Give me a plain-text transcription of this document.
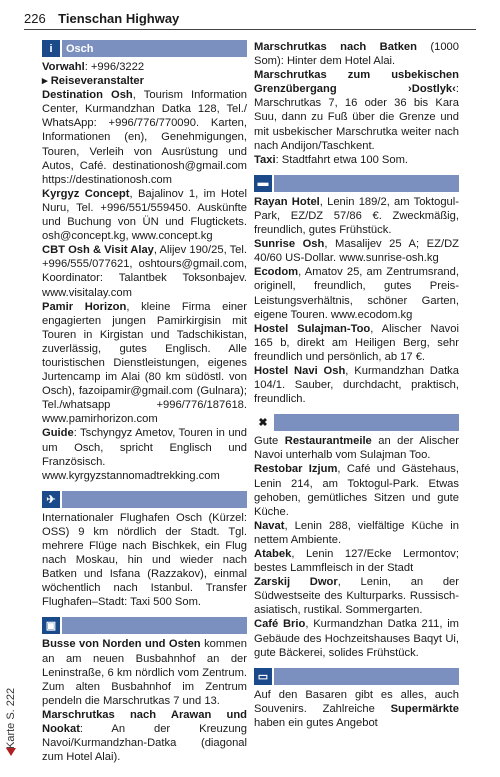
226 Tienschan Highway
Karte S. 222
i	Osch

Vorwahl: +996/3222

▸ Reiseveranstalter

Destination Osh, Tourism Information Center, Kurmandzhan Datka 128, Tel./ WhatsApp: +996/776/770090. Karten, Informationen (en), Genehmigungen, Touren, Verleih von Ausrüstung und Autos, Café. destinationosh@gmail.com https://destinationosh.com

Kyrgyz Concept, Bajalinov 1, im Hotel Nuru, Tel. +996/551/559450. Auskünfte und Buchung von ÜN und Flugtickets. osh@concept.kg, www.concept.kg

CBT Osh & Visit Alay, Alijev 190/25, Tel. +996/555/077621, oshtours@gmail.com, Koordinator: Talantbek Toksonbajev. www.visitalay.com

Pamir Horizon, kleine Firma einer engagierten jungen Pamirkirgisin mit Touren in Kirgistan und Tadschikistan, zuverlässig, gutes Englisch. Alle touristischen Dienstleistungen, eigenes Jurtencamp im Alai (80 km südöstl. von Osch), fazoipamir@gmail.com (Gulnara); Tel./whatsapp +996/776/187618. www.pamirhorizon.com

Guide: Tschyngyz Ametov, Touren in und um Osch, spricht Englisch und Französisch. www.kyrgyzstannomadtrekking.com

✈

Internationaler Flughafen Osch (Kürzel: OSS) 9 km nördlich der Stadt. Tgl. mehrere Flüge nach Bischkek, ein Flug nach Moskau, hin und wieder nach Batken und Isfana (Razzakov), einmal wöchentlich nach Istanbul. Transfer Flughafen–Stadt: Taxi 500 Som.

▣

Busse von Norden und Osten kommen an am neuen Busbahnhof an der Leninstraße, 6 km nördlich vom Zentrum. Zum alten Busbahnhof im Zentrum pendeln die Marschrutkas 7 und 13.

Marschrutkas nach Arawan und Nookat: An der Kreuzung Navoi/Kurmandzhan-Datka (diagonal zum Hotel Alai).

Marschrutkas nach Batken (1000 Som): Hinter dem Hotel Alai.

Marschrutkas zum usbekischen Grenzübergang ›Dostlyk‹: Marschrutkas 7, 16 oder 36 bis Kara Suu, dann zu Fuß über die Grenze und mit usbekischer Marschrutka weiter nach nach Andijon/Taschkent.

Taxi: Stadtfahrt etwa 100 Som.

▬

Rayan Hotel, Lenin 189/2, am Toktogul-Park, EZ/DZ 57/86 €. Zweckmäßig, freundlich, gutes Frühstück.

Sunrise Osh, Masalijev 25 A; EZ/DZ 40/60 US-Dollar. www.sunrise-osh.kg

Ecodom, Amatov 25, am Zentrumsrand, originell, freundlich, gutes Preis-Leistungsverhältnis, schöner Garten, eigene Touren. www.ecodom.kg

Hostel Sulajman-Too, Alischer Navoi 165 b, direkt am Heiligen Berg, sehr freundlich und persönlich, ab 17 €.

Hostel Navi Osh, Kurmandzhan Datka 104/1. Sauber, durchdacht, praktisch, freundlich.

✖

Gute Restaurantmeile an der Alischer Navoi unterhalb vom Sulajman Too.

Restobar Izjum, Café und Gästehaus, Lenin 214, am Toktogul-Park. Etwas gehoben, gemütliches Sitzen und gute Küche.

Navat, Lenin 288, vielfältige Küche in nettem Ambiente.

Atabek, Lenin 127/Ecke Lermontov; bestes Lammfleisch in der Stadt

Zarskij Dwor, Lenin, an der Südwestseite des Kulturparks. Russisch-asiatisch, rustikal. Sommergarten.

Café Brio, Kurmandzhan Datka 211, im Gebäude des Hochzeitshauses Baqyt Ui, gute Bäckerei, solides Frühstück.

▭

Auf den Basaren gibt es alles, auch Souvenirs. Zahlreiche Supermärkte haben ein gutes Angebot
